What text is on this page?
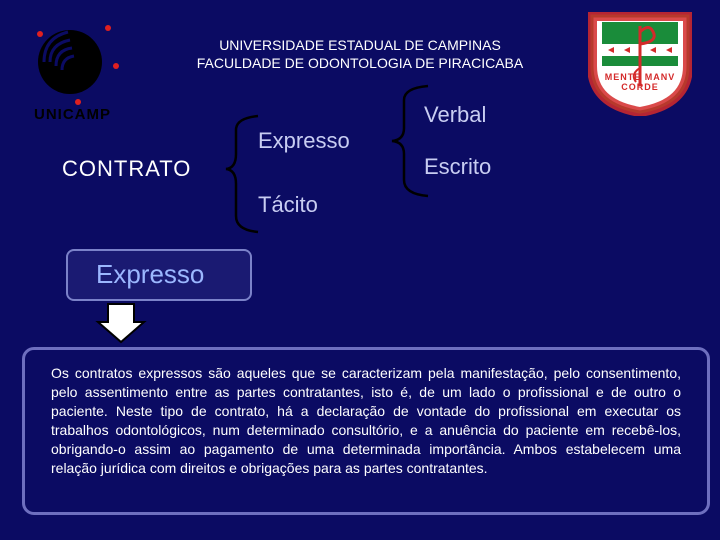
UNIVERSIDADE ESTADUAL DE CAMPINAS
FACULDADE DE ODONTOLOGIA DE PIRACICABA
UNICAMP
MENTE MANV CORDE
CONTRATO
Expresso
Tácito
Verbal
Escrito
Expresso

Os contratos expressos são aqueles que se caracterizam pela manifestação, pelo consentimento, pelo assentimento entre as partes contratantes, isto é, de um lado o profissional e de outro o paciente. Neste tipo de contrato, há a declaração de vontade do profissional em executar os trabalhos odontológicos, num determinado consultório, e a anuência do paciente em recebê-los, obrigando-o assim ao pagamento de uma determinada importância. Ambos estabelecem uma relação jurídica com direitos e obrigações para as partes contratantes.
